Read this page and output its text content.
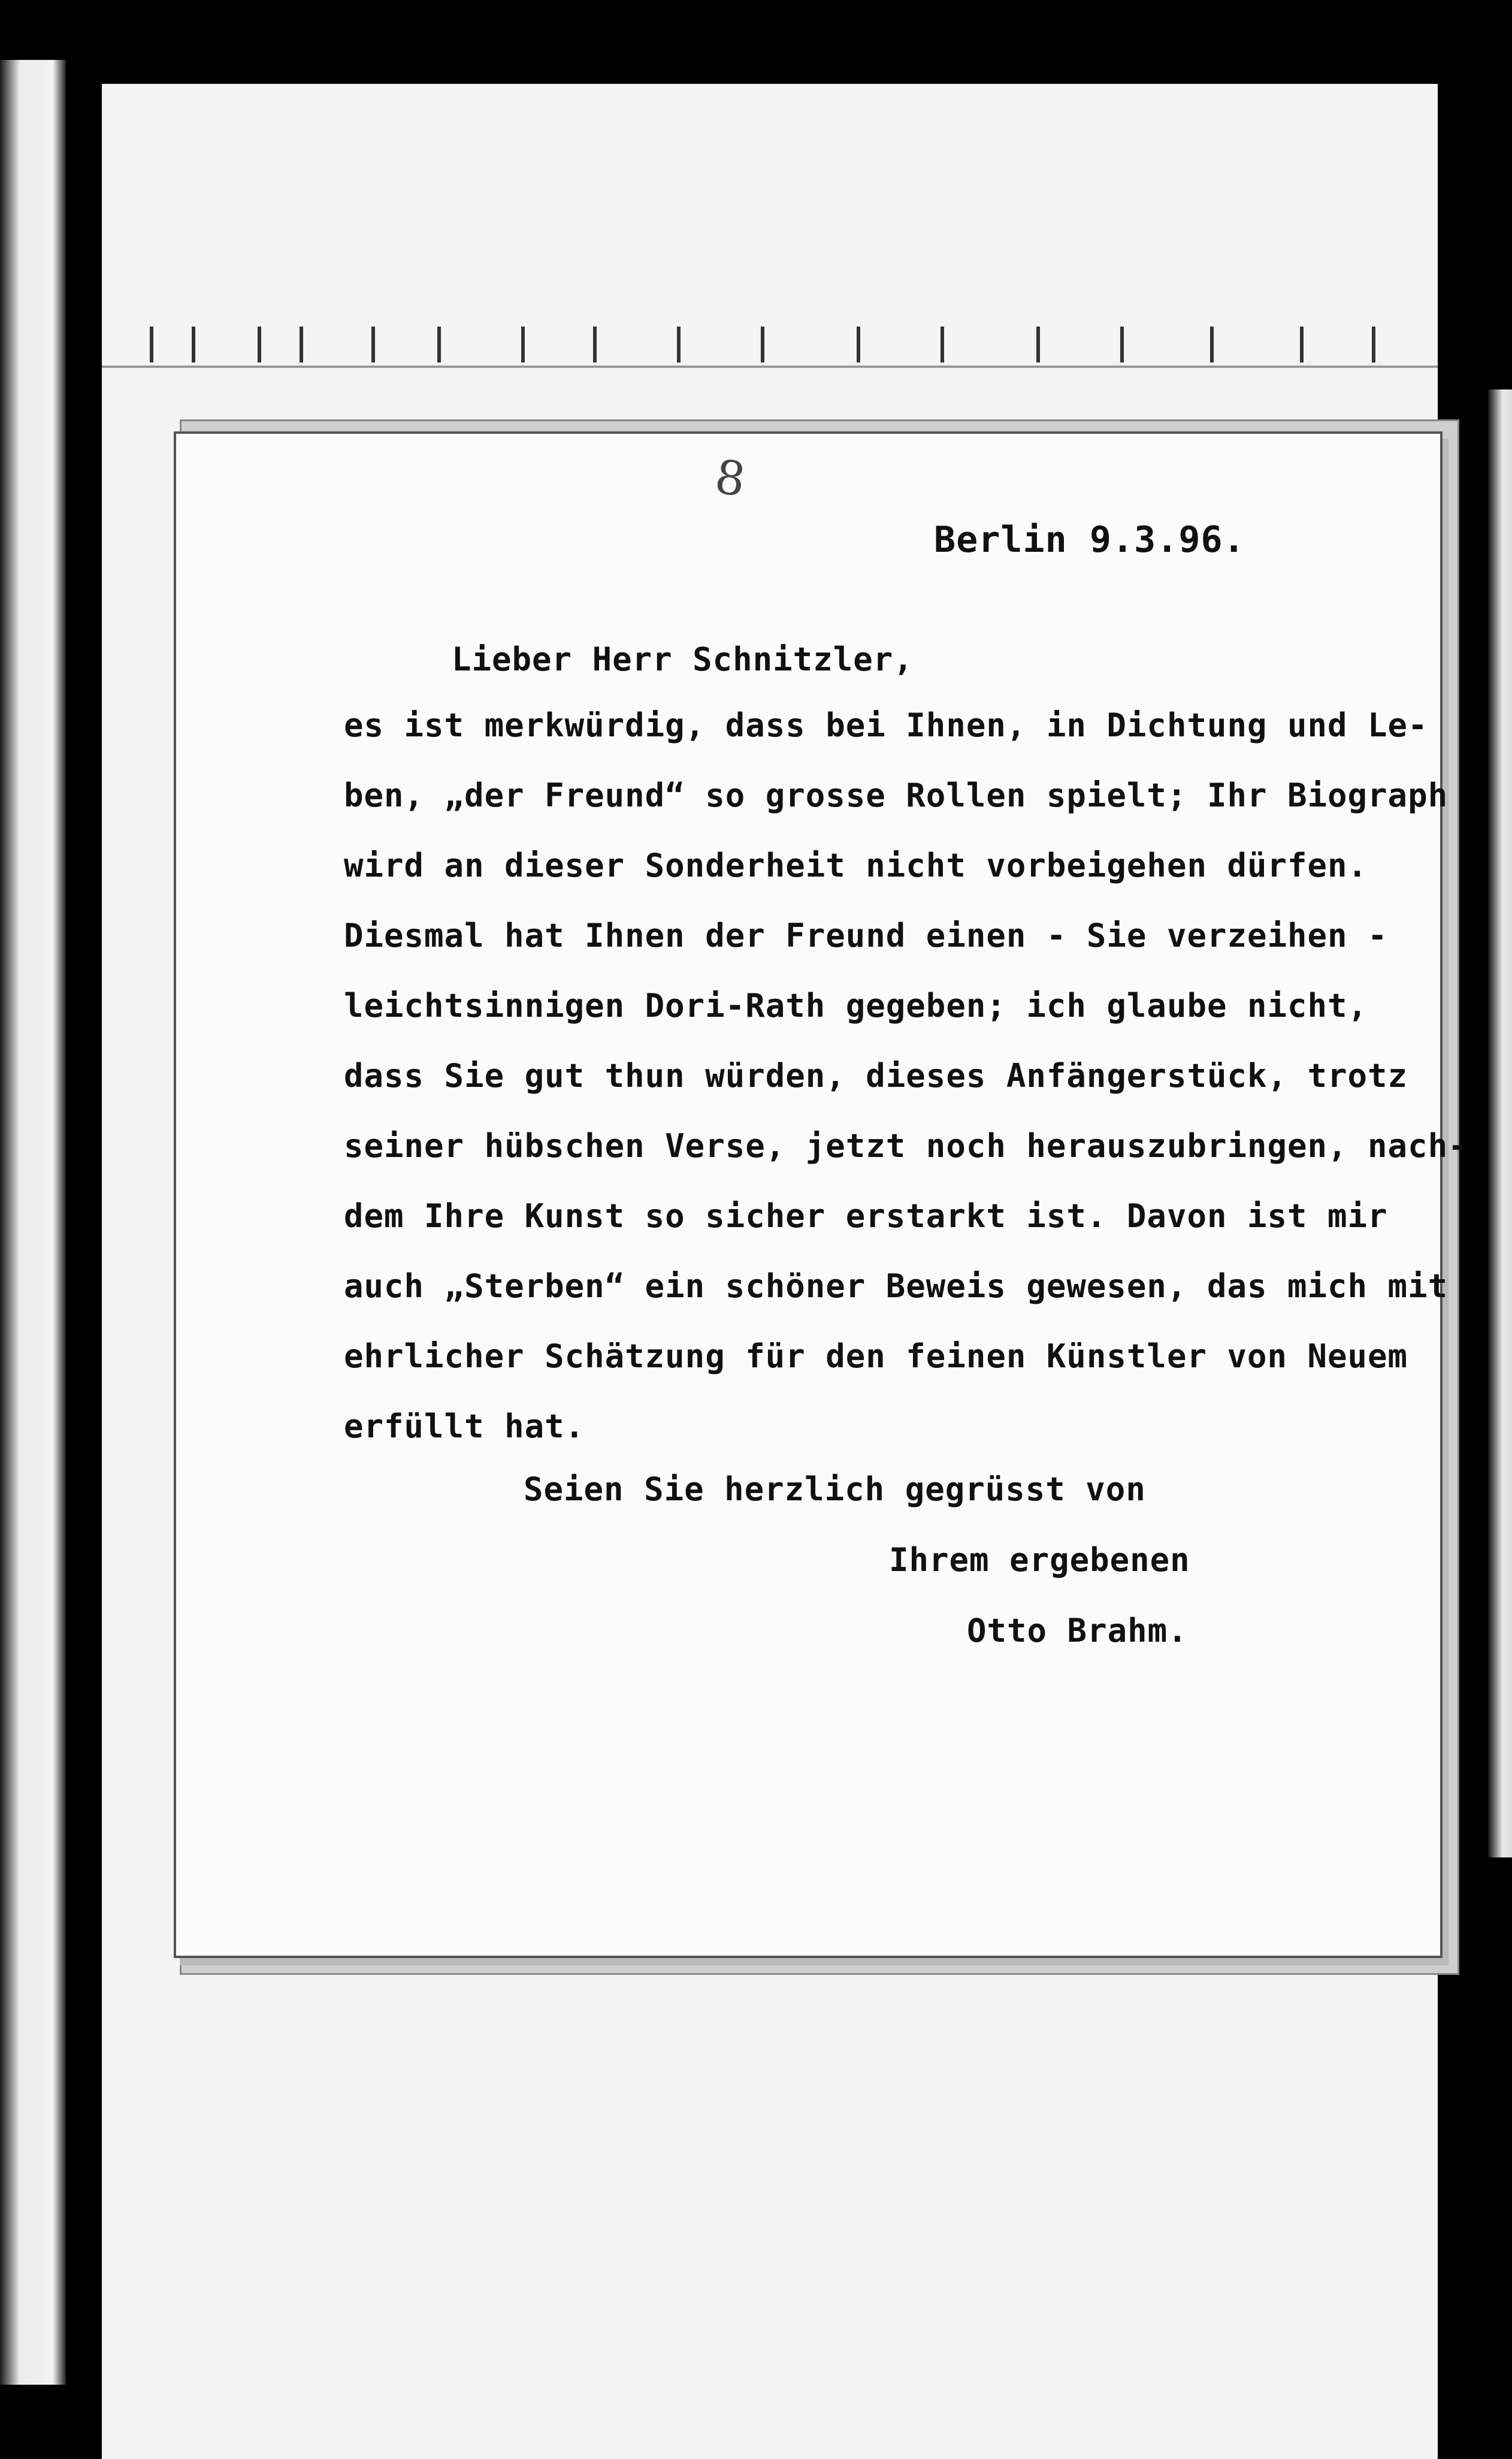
8
Berlin 9.3.96.
Lieber Herr Schnitzler,
es ist merkwürdig, dass bei Ihnen, in Dichtung und Le-
ben, „der Freund“ so grosse Rollen spielt; Ihr Biograph
wird an dieser Sonderheit nicht vorbeigehen dürfen.
Diesmal hat Ihnen der Freund einen - Sie verzeihen -
leichtsinnigen Dori-Rath gegeben; ich glaube nicht,
dass Sie gut thun würden, dieses Anfängerstück, trotz
seiner hübschen Verse, jetzt noch herauszubringen, nach-
dem Ihre Kunst so sicher erstarkt ist. Davon ist mir
auch „Sterben“ ein schöner Beweis gewesen, das mich mit
ehrlicher Schätzung für den feinen Künstler von Neuem
erfüllt hat.
Seien Sie herzlich gegrüsst von
Ihrem ergebenen
Otto Brahm.
